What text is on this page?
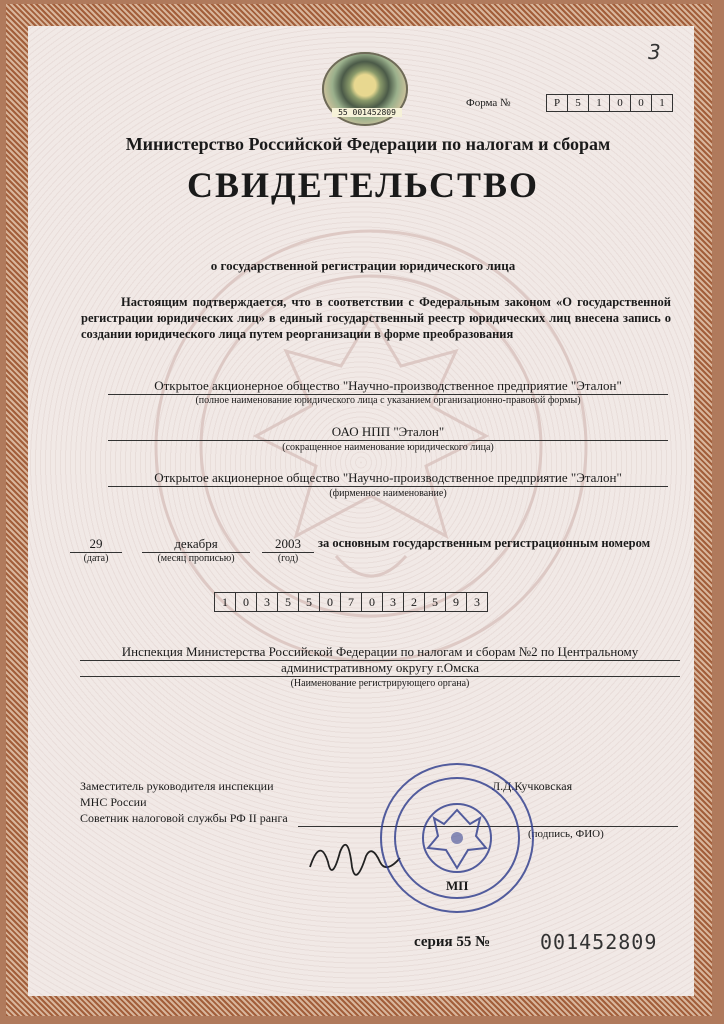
3
55 001452809
Форма №	Р	5	1	0	0	1
Министерство Российской Федерации по налогам и сборам
СВИДЕТЕЛЬСТВО
о государственной регистрации юридического лица
Настоящим подтверждается, что в соответствии с Федеральным законом «О государственной регистрации юридических лиц» в единый государственный реестр юридических лиц внесена запись о создании юридического лица путем реорганизации в форме преобразования
Открытое акционерное общество "Научно-производственное предприятие "Эталон"
(полное наименование юридического лица с указанием организационно-правовой формы)
ОАО НПП "Эталон"
(сокращенное наименование юридического лица)
Открытое акционерное общество "Научно-производственное предприятие "Эталон"
(фирменное наименование)
29
(дата)
декабря
(месяц прописью)
2003
(год)
за основным государственным регистрационным номером
1	0	3	5	5	0	7	0	3	2	5	9	3
Инспекция Министерства Российской Федерации по налогам и сборам №2 по Центральному
административному округу г.Омска
(Наименование регистрирующего органа)
Заместитель руководителя инспекции
МНС России
Советник налоговой службы РФ II ранга
Л.Д.Кучковская
(подпись, ФИО)
МП
серия 55 № 001452809
